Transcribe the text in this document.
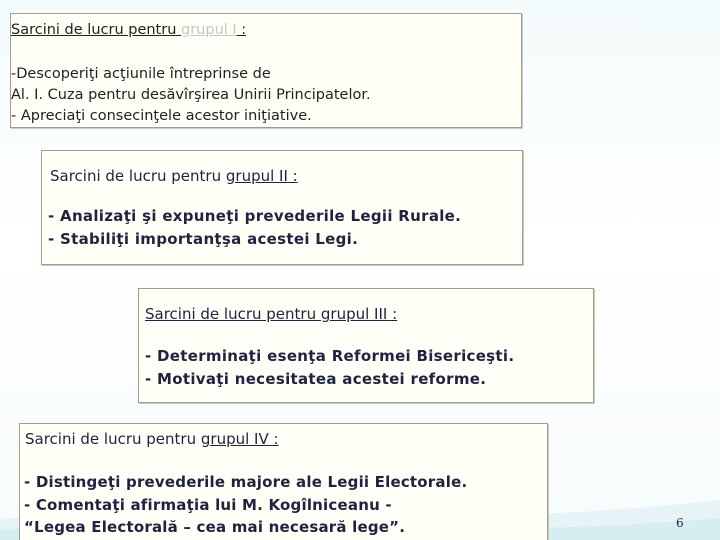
Sarcini de lucru pentru grupul I :
-Descoperiţi acţiunile întreprinse de
Al. I. Cuza pentru desăvîrşirea Unirii Principatelor.
- Apreciaţi consecinţele acestor iniţiative.
Sarcini de lucru pentru grupul II :
- Analizaţi şi expuneţi prevederile Legii Rurale.
- Stabiliţi importanţşa acestei Legi.
Sarcini de lucru pentru grupul III :
- Determinaţi esenţa Reformei Bisericeşti.
- Motivaţi necesitatea acestei reforme.
Sarcini de lucru pentru grupul IV :
- Distingeţi prevederile majore ale Legii Electorale.
- Comentaţi afirmaţia lui M. Kogîlniceanu -
“Legea Electorală – cea mai necesară lege”.	6
